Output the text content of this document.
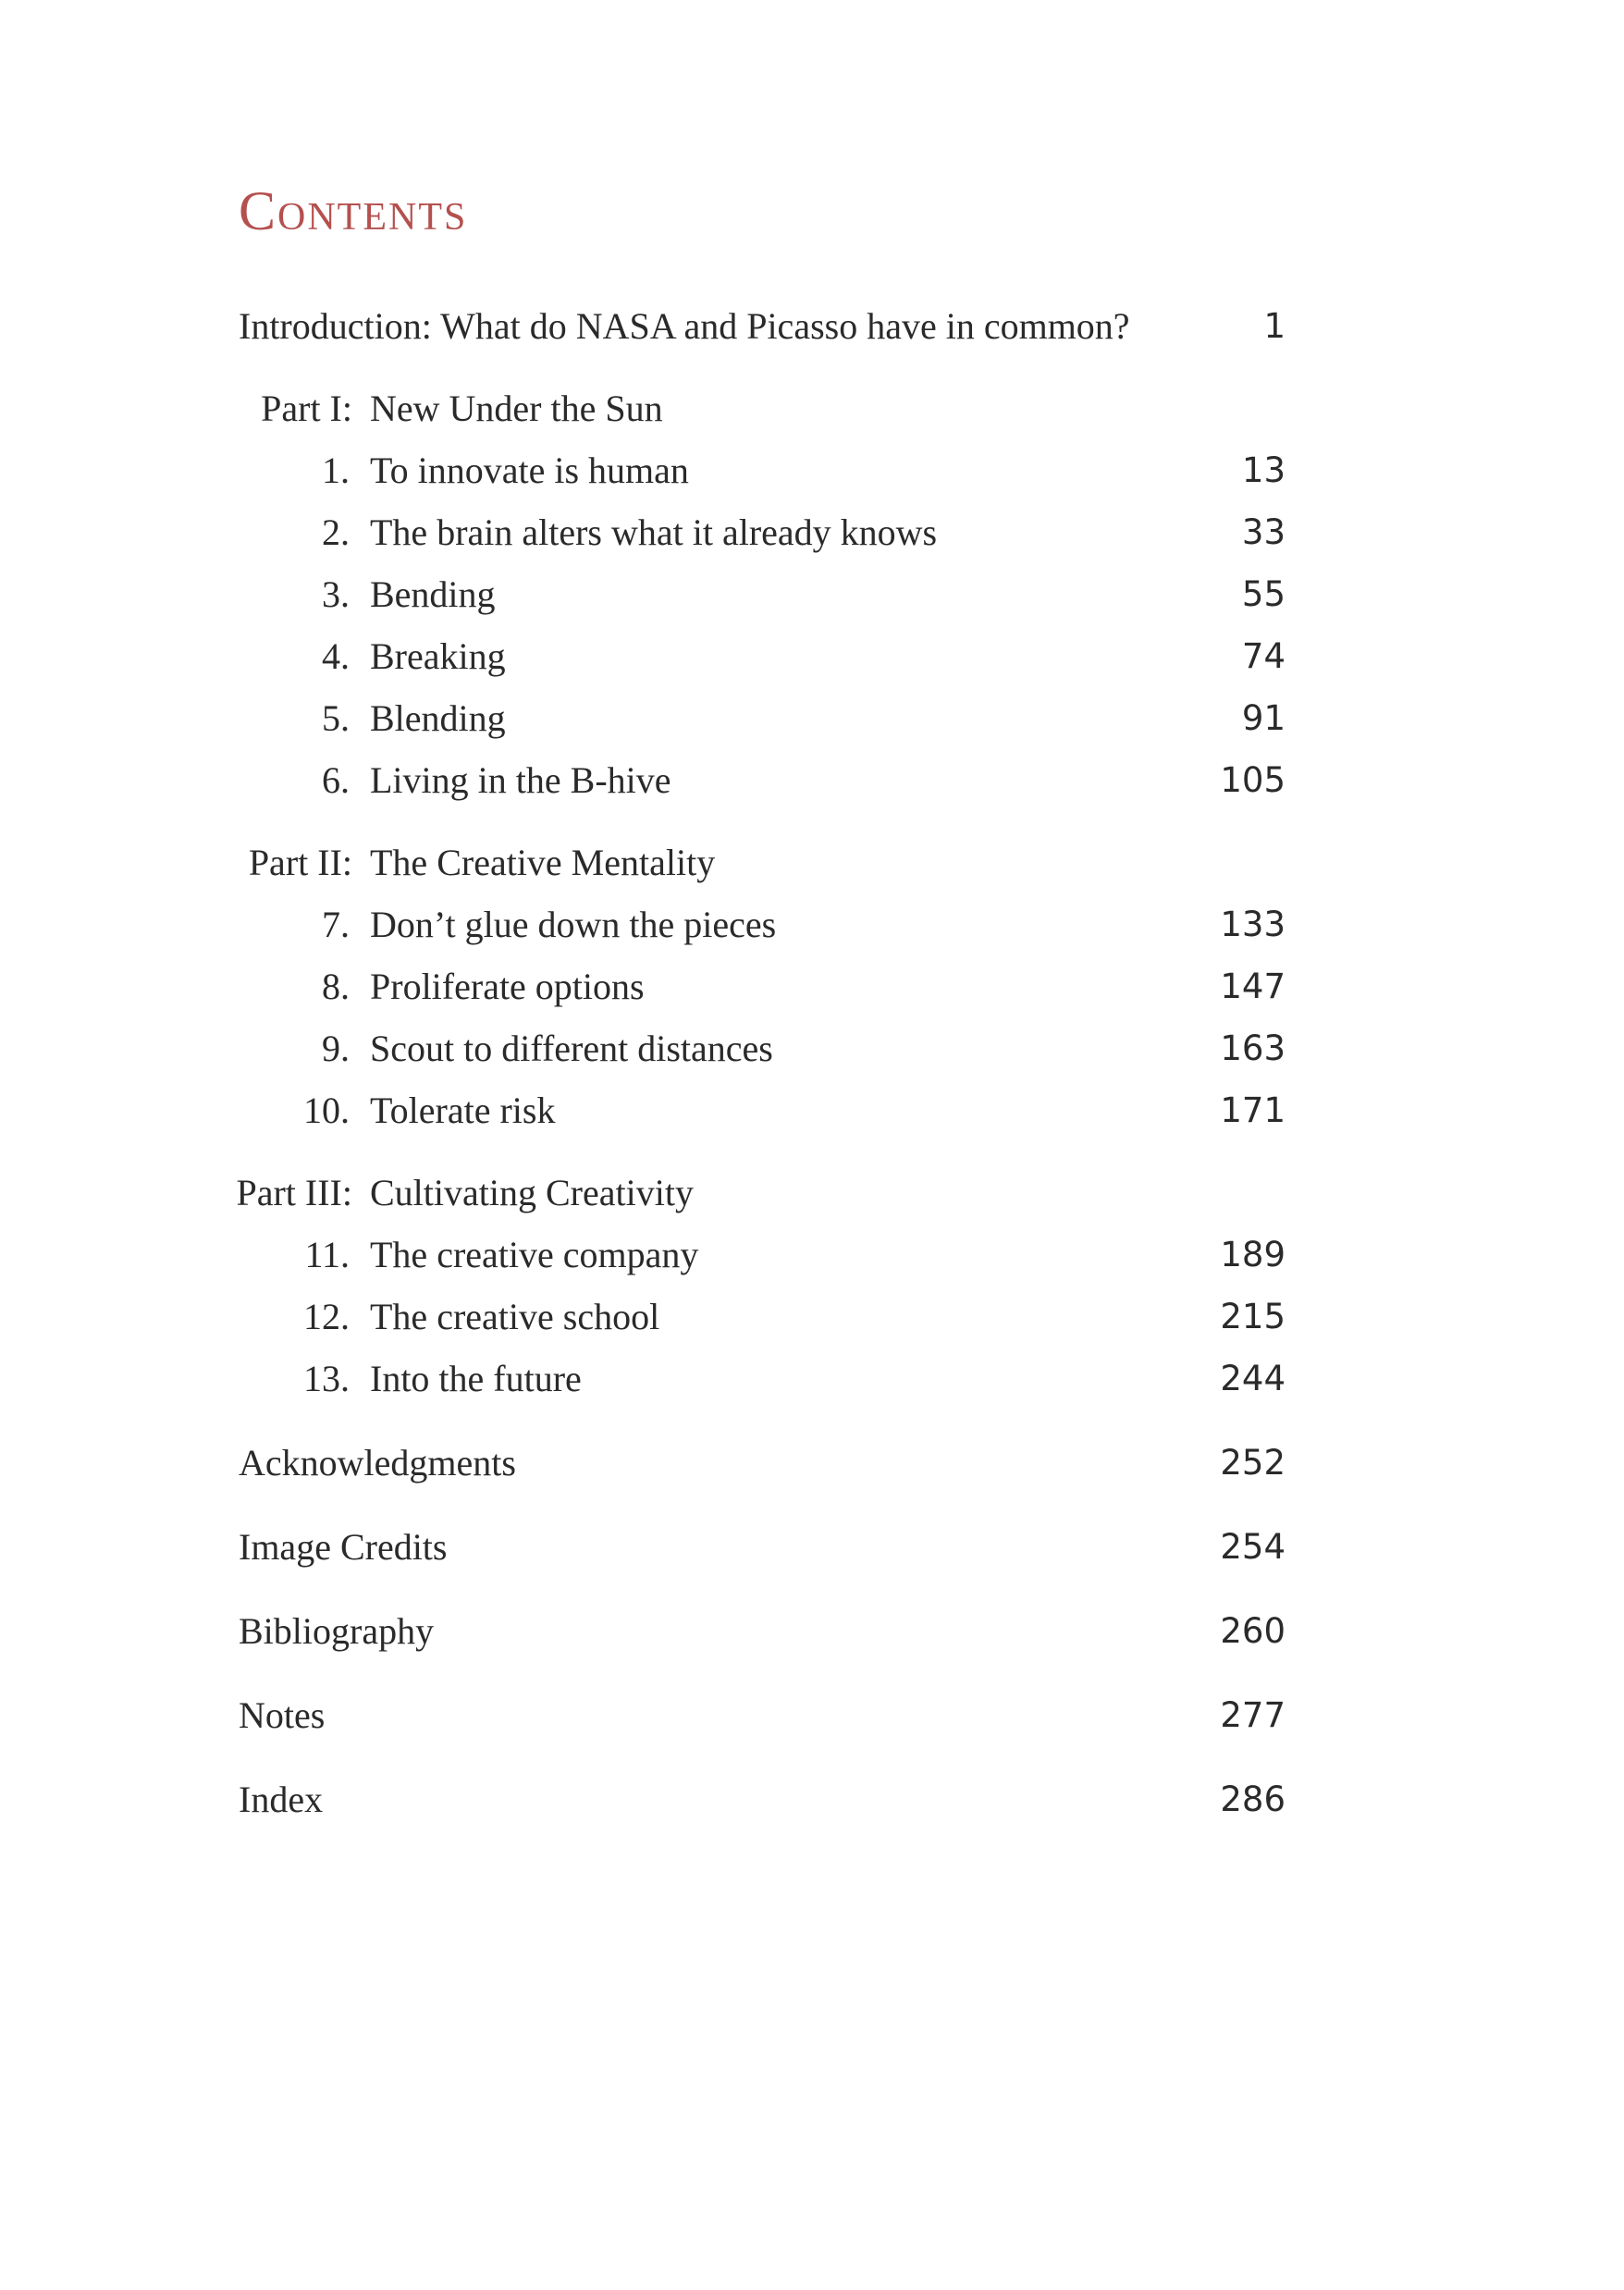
Contents
Introduction: What do NASA and Picasso have in common?	1
Part I: New Under the Sun
1. To innovate is human	13
2. The brain alters what it already knows	33
3. Bending	55
4. Breaking	74
5. Blending	91
6. Living in the B-hive	105
Part II: The Creative Mentality
7. Don’t glue down the pieces	133
8. Proliferate options	147
9. Scout to different distances	163
10. Tolerate risk	171
Part III: Cultivating Creativity
11. The creative company	189
12. The creative school	215
13. Into the future	244
Acknowledgments	252
Image Credits	254
Bibliography	260
Notes	277
Index	286
